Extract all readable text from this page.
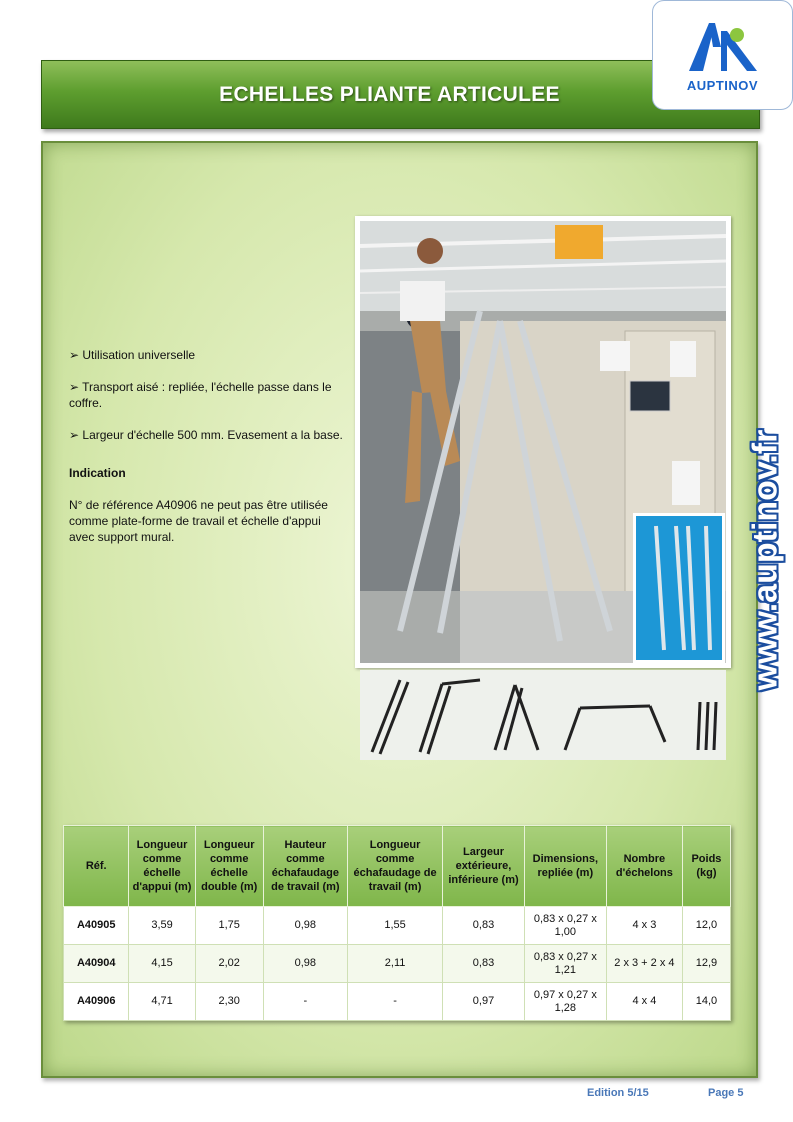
ECHELLES PLIANTE ARTICULEE	AUPTINOV

➢ Utilisation universelle

➢ Transport aisé : repliée, l'échelle passe dans le coffre.

➢ Largeur d'échelle 500 mm. Evasement a la base.

Indication

N° de référence A40906 ne peut pas être utilisée comme plate-forme de travail et échelle d'appui avec support mural.	www.auptinov.fr
Réf.	Longueur comme échelle d'appui (m)	Longueur comme échelle double (m)	Hauteur comme échafaudage de travail (m)	Longueur comme échafaudage de travail (m)	Largeur extérieure, inférieure (m)	Dimensions, repliée (m)	Nombre d'échelons	Poids (kg)
A40905	3,59	1,75	0,98	1,55	0,83	0,83 x 0,27 x 1,00	4 x 3	12,0
A40904	4,15	2,02	0,98	2,11	0,83	0,83 x 0,27 x 1,21	2 x 3 + 2 x 4	12,9
A40906	4,71	2,30	-	-	0,97	0,97 x 0,27 x 1,28	4 x 4	14,0
Edition 5/15	Page 5
